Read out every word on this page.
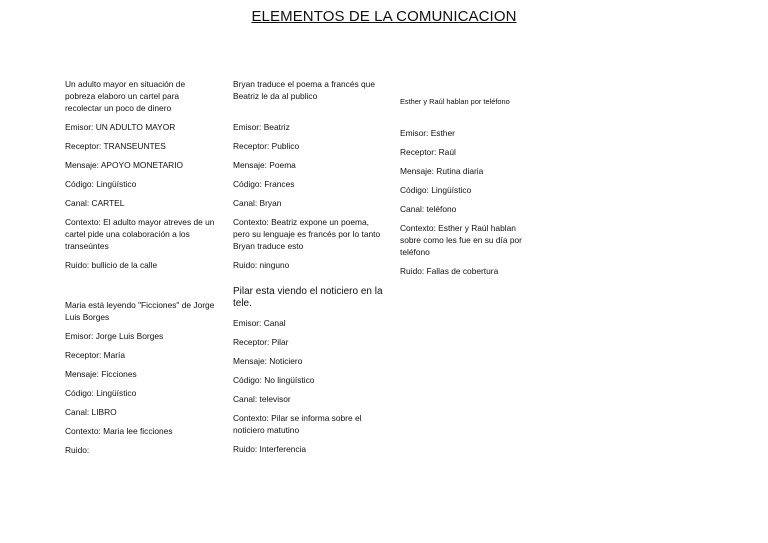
ELEMENTOS DE LA COMUNICACION

Un adulto mayor en situación de pobreza elaboro un cartel para recolectar un poco de dinero

Emisor: UN ADULTO MAYOR

Receptor: TRANSEUNTES

Mensaje: APOYO MONETARIO

Código: Lingüístico

Canal: CARTEL

Contexto: El adulto mayor atreves de un cartel pide una colaboración a los transeúntes

Ruido: bullicio de la calle

Maria está leyendo "Ficciones" de Jorge Luis Borges

Emisor: Jorge Luis Borges

Receptor: María

Mensaje: Ficciones

Código: Lingüístico

Canal: LIBRO

Contexto: Maria lee ficciones

Ruido:

Bryan traduce el poema a francés que Beatriz le da al publico

Emisor: Beatriz

Receptor: Publico

Mensaje: Poema

Código: Frances

Canal: Bryan

Contexto: Beatriz expone un poema, pero su lenguaje es francés por lo tanto Bryan traduce esto

Ruido: ninguno

Pilar esta viendo el noticiero en la tele.

Emisor: Canal

Receptor: Pilar

Mensaje: Noticiero

Código: No lingüístico

Canal: televisor

Contexto: Pilar se informa sobre el noticiero matutino

Ruido: Interferencia

Esther y Raúl hablan por teléfono

Emisor: Esther

Receptor: Raúl

Mensaje: Rutina diaria

Código: Lingüístico

Canal: teléfono

Contexto: Esther y Raúl hablan sobre como les fue en su día por teléfono

Ruido: Fallas de cobertura
